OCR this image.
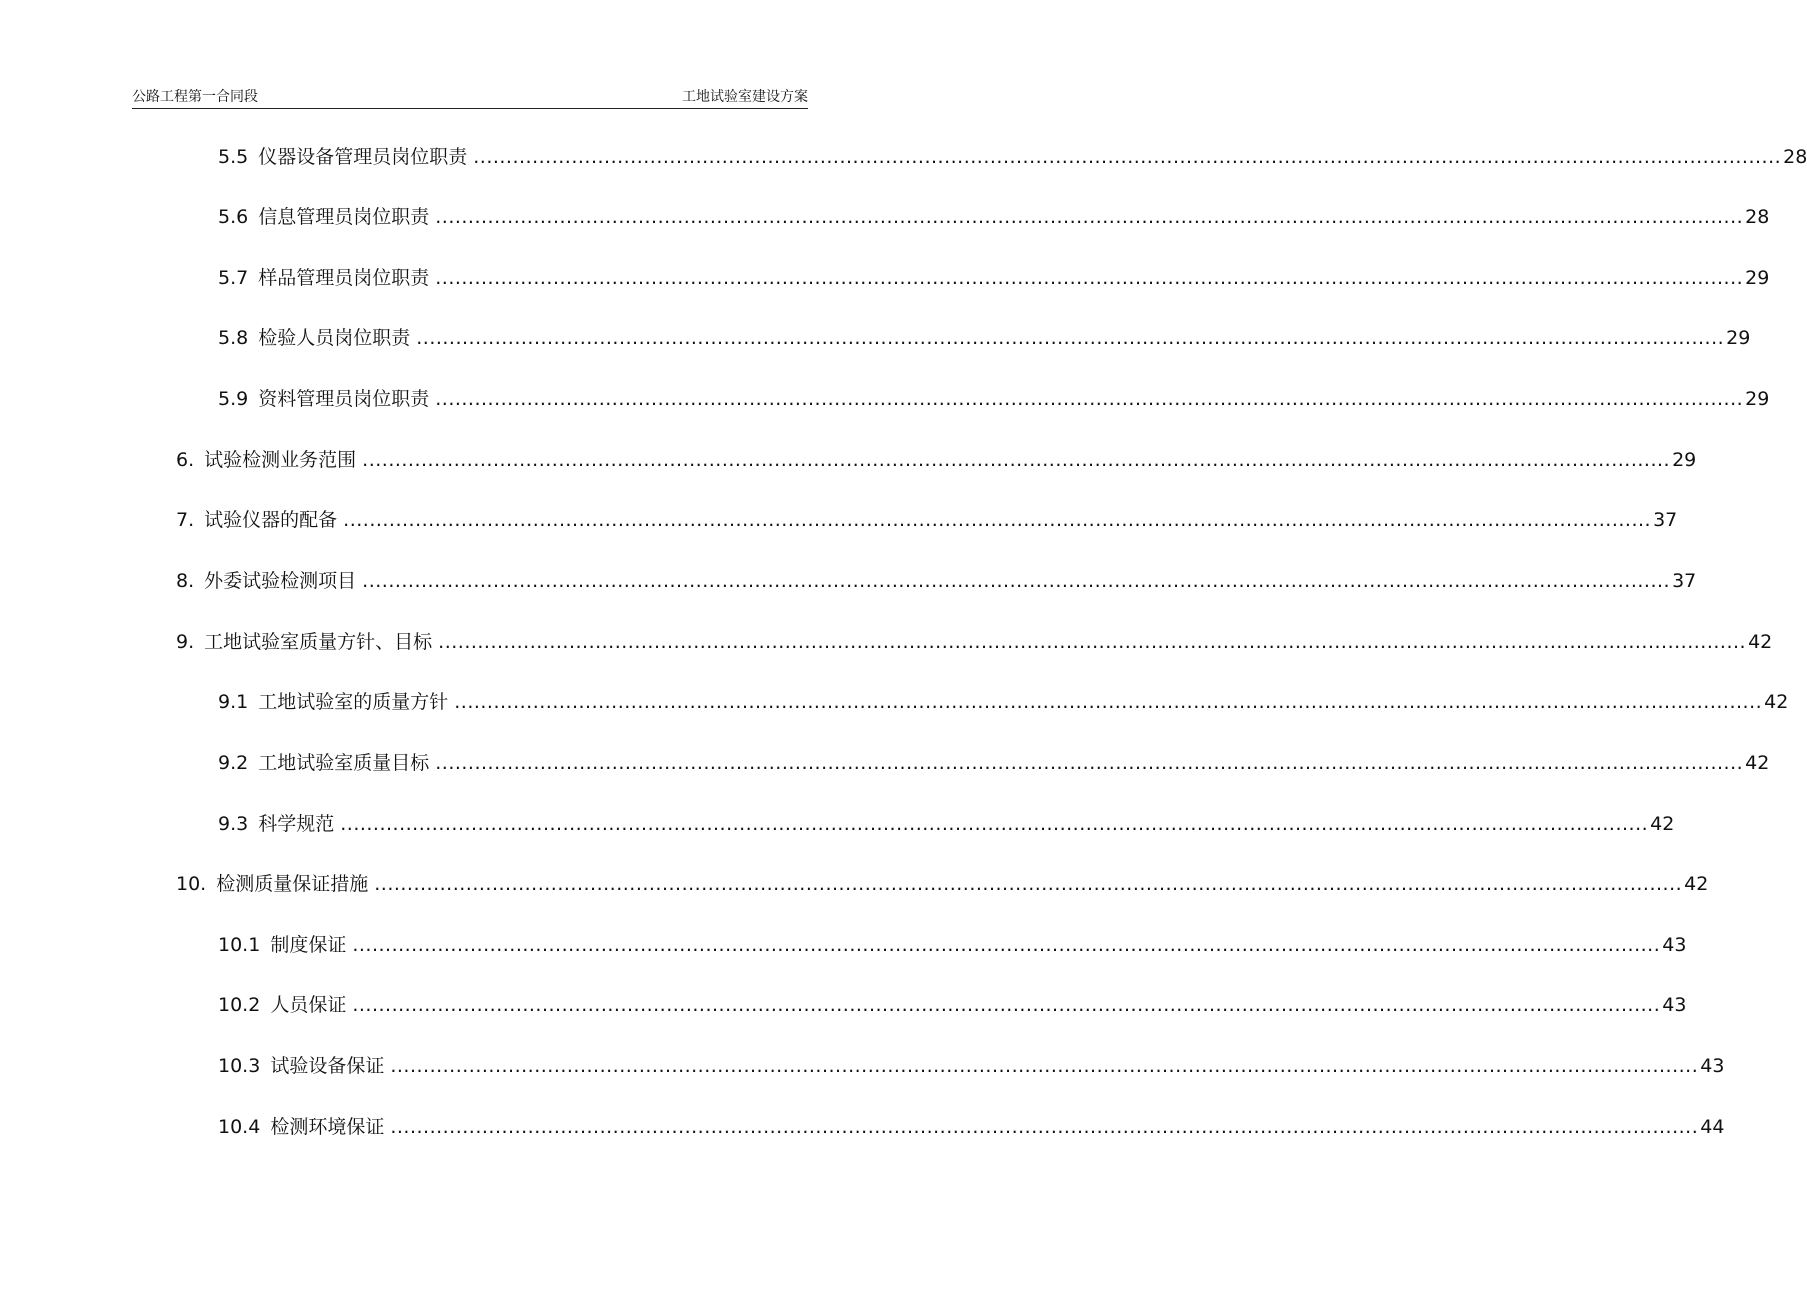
公路工程第一合同段	工地试验室建设方案
5.5 仪器设备管理员岗位职责 ........................................................................................................................................................................................................ 28
5.6 信息管理员岗位职责 ........................................................................................................................................................................................................ 28
5.7 样品管理员岗位职责 ........................................................................................................................................................................................................ 29
5.8 检验人员岗位职责 ........................................................................................................................................................................................................ 29
5.9 资料管理员岗位职责 ........................................................................................................................................................................................................ 29
6. 试验检测业务范围 ........................................................................................................................................................................................................ 29
7. 试验仪器的配备 ........................................................................................................................................................................................................ 37
8. 外委试验检测项目 ........................................................................................................................................................................................................ 37
9. 工地试验室质量方针、目标 ........................................................................................................................................................................................................ 42
9.1 工地试验室的质量方针 ........................................................................................................................................................................................................ 42
9.2 工地试验室质量目标 ........................................................................................................................................................................................................ 42
9.3 科学规范 ........................................................................................................................................................................................................ 42
10. 检测质量保证措施 ........................................................................................................................................................................................................ 42
10.1 制度保证 ........................................................................................................................................................................................................ 43
10.2 人员保证 ........................................................................................................................................................................................................ 43
10.3 试验设备保证 ........................................................................................................................................................................................................ 43
10.4 检测环境保证 ........................................................................................................................................................................................................ 44
